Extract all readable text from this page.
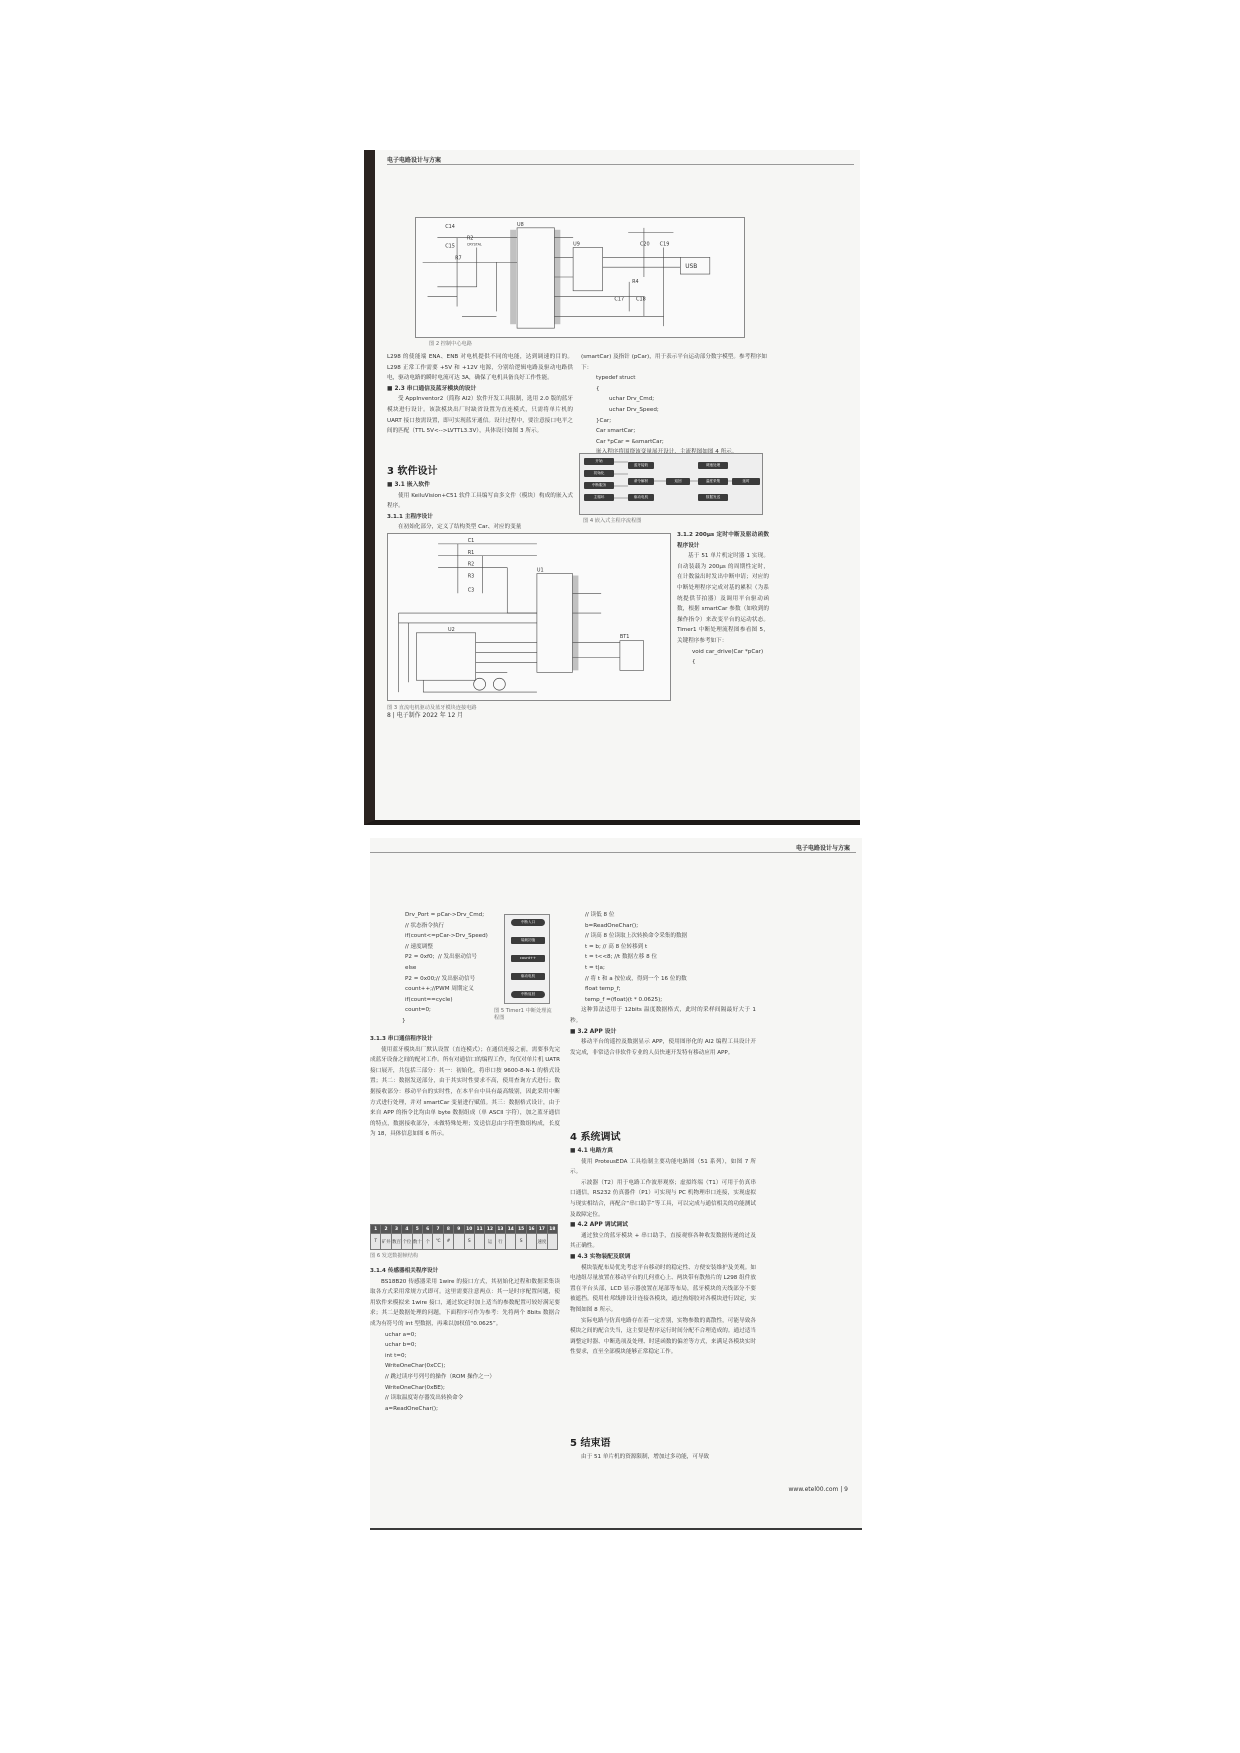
电子电路设计与方案
C14
C15
R2
CRYSTAL
R7
U8
U9	C20 C19
USB
R4
C17 C18
图 2 控制中心电路

L298 的使能端 ENA、ENB 对电机提供不同的电能，达到调速的目的。L298 正常工作需要 +5V 和 +12V 电源，分别给逻辑电路及驱动电路供电，驱动电路的瞬时电流可达 3A，确保了电机具备良好工作性能。

■ 2.3 串口通信及蓝牙模块的设计

受 AppInventor2（简称 AI2）软件开发工具限制，选用 2.0 版的蓝牙模块进行设计。该款模块出厂时缺省设置为直连模式，只需将单片机的 UART 接口按需设置，即可实现蓝牙通信。设计过程中，要注意接口电平之间的匹配（TTL 5V<-->LVTTL3.3V），具体设计如图 3 所示。

3 软件设计

■ 3.1 嵌入软件

使用 KeiluVision+C51 软件工具编写由多文件（模块）构成的嵌入式程序。

3.1.1 主程序设计

在初始化部分，定义了结构类型 Car、对应的变量

(smartCar) 及指针 (pCar)，用于表示平台运动部分数字模型。参考程序如下：

typedef struct

{

uchar Drv_Cmd;

uchar Drv_Speed;

}Car;

Car smartCar;

Car *pCar = &smartCar;

开始
初始化
中断服务
主循环
蓝牙接收
命令解析
驱动电机
返回
调速处理
温度采集
数据发送
延时
图 4 嵌入式主程序流程图

3.1.2 200μs 定时中断及驱动函数程序设计

基于 51 单片机定时器 1 实现。自动装载为 200μs 的周期性定时，在计数溢出时发出中断申请；对应的中断处理程序完成对基的累积（为系统提供节拍器）及调用平台驱动函数，根据 smartCar 参数（如收到的操作指令）来改变平台的运动状态。Timer1 中断处理流程图参看图 5，关键程序参考如下：

void car_drive(Car *pCar)

{

R1
C1
R2
R3
C3
U1
U2
BT1
图 3 直流电机驱动及蓝牙模块连接电路
8 | 电子制作 2022 年 12 月
电子电路设计与方案

Drv_Port = pCar->Drv_Cmd;

// 状态指令执行

if(count<=pCar->Drv_Speed)

// 速度调整

P2 = 0xf0;  // 发出驱动信号

else

P2 = 0x00;// 发出驱动信号

count++;//PWM 周期定义

if(count==cycle)

count=0;

}

中断入口
装载初值
count++
驱动电机
中断返回
图 5 Timer1 中断处理流程图

3.1.3 串口通信程序设计

使用蓝牙模块出厂默认设置（直连模式）；在通信连接之前，需要事先完成蓝牙设备之间的配对工作。所有对通信口的编程工作，均仅对单片机 UATR 接口展开，共包括三部分：其一：初始化，将串口按 9600-8-N-1 的格式设置；其二：数据发送部分，由于其实时性要求不高，使用查询方式进行；数据接收部分：移动平台的实时性，在本平台中具有最高级别，因此采用中断方式进行处理，并对 smartCar 变量进行赋值。其三：数据格式设计，由于来自 APP 的指令比均由单 byte 数据组成（单 ASCII 字符），加之蓝牙通信的特点，数据接收部分，未做特殊处理；发送信息由字符型数组构成，长度为 18，具体信息如图 6 所示。

1	2	3	4	5	6	7	8	9	10	11	12	13	14	15	16	17	18
T	矿井	数百	个位	数十	个	℃	#		S		运	行		S		速度	
图 6 发送数据帧结构

3.1.4 传感器相关程序设计

BS18B20 传感器采用 1wire 的接口方式，其初始化过程和数据采集读取各方式采用常规方式即可。这里需要注意两点：其一是时序配置问题，使用软件来模拟来 1wire 接口，通过软定时加上适当的参数配置可较好满足要求；其二是数据处理的问题，下面程序可作为参考：先将两个 8bits 数据合成为有符号的 int 型数据，再乘以加权值“0.0625”。

uchar a=0;

uchar b=0;

int t=0;

WriteOneChar(0xCC);

// 跳过读序号列号的操作（ROM 操作之一）

WriteOneChar(0xBE);

// 读取温度寄存器发出转换命令

a=ReadOneChar();

// 读低 8 位

b=ReadOneChar();

// 读高 8 位读取上次转换命令采集的数据

t = b; // 高 8 位转移到 t

t = t<<8; //t 数据左移 8 位

t = t|a;

// 将 t 和 a 按位或，得到一个 16 位的数

float temp_f;

temp_f =(float)(t * 0.0625);

这种算法适用于 12bits 温度数据格式，此时的采样间隔最好大于 1 秒。

■ 3.2 APP 设计

移动平台的遥控及数据显示 APP，使用图形化的 AI2 编程工具设计开发完成，非常适合非软件专业的人员快速开发特有移动应用 APP。

4 系统调试

■ 4.1 电路方真

使用 ProteusEDA 工具绘制主要功能电路图（51 系列），如图 7 所示。

示波器（T2）用于电路工作波形观察；虚拟终端（T1）可用于仿真串口通信，RS232 仿真器件（P1）可实现与 PC 机物理串口连接，实现虚拟与现实相结合，再配合“串口助手”等工具，可以完成与通信相关的功能测试及故障定位。

■ 4.2 APP 调试调试

通过独立的蓝牙模块 + 串口助手，直接观察各种收发数据传递的过及其正确性。

■ 4.3 实物装配及联调

模块装配布局优先考虑平台移动时的稳定性、方便安装维护及美观。如电池组尽量放置在移动平台的几何重心上、两块带有散热片的 L298 组件放置在平台头部，LCD 显示器放置在尾部等布局，蓝牙模块的天线部分不要被遮挡。使用杜邦线排设计连接各模块，通过热熔胶对各模块进行固定，实物图如图 8 所示。

实际电路与仿真电路存在着一定差别，实物参数的离散性，可能导致各模块之间的配合失当，这主要是程序运行时间分配不合理造成的。通过适当调整定时器、中断选项及处理、时延函数的偏差等方式，来满足各模块实时性要求，直至全部模块能够正常稳定工作。

5 结束语

由于 51 单片机的资源限制，增加过多功能，可导致

www.etel00.com | 9
